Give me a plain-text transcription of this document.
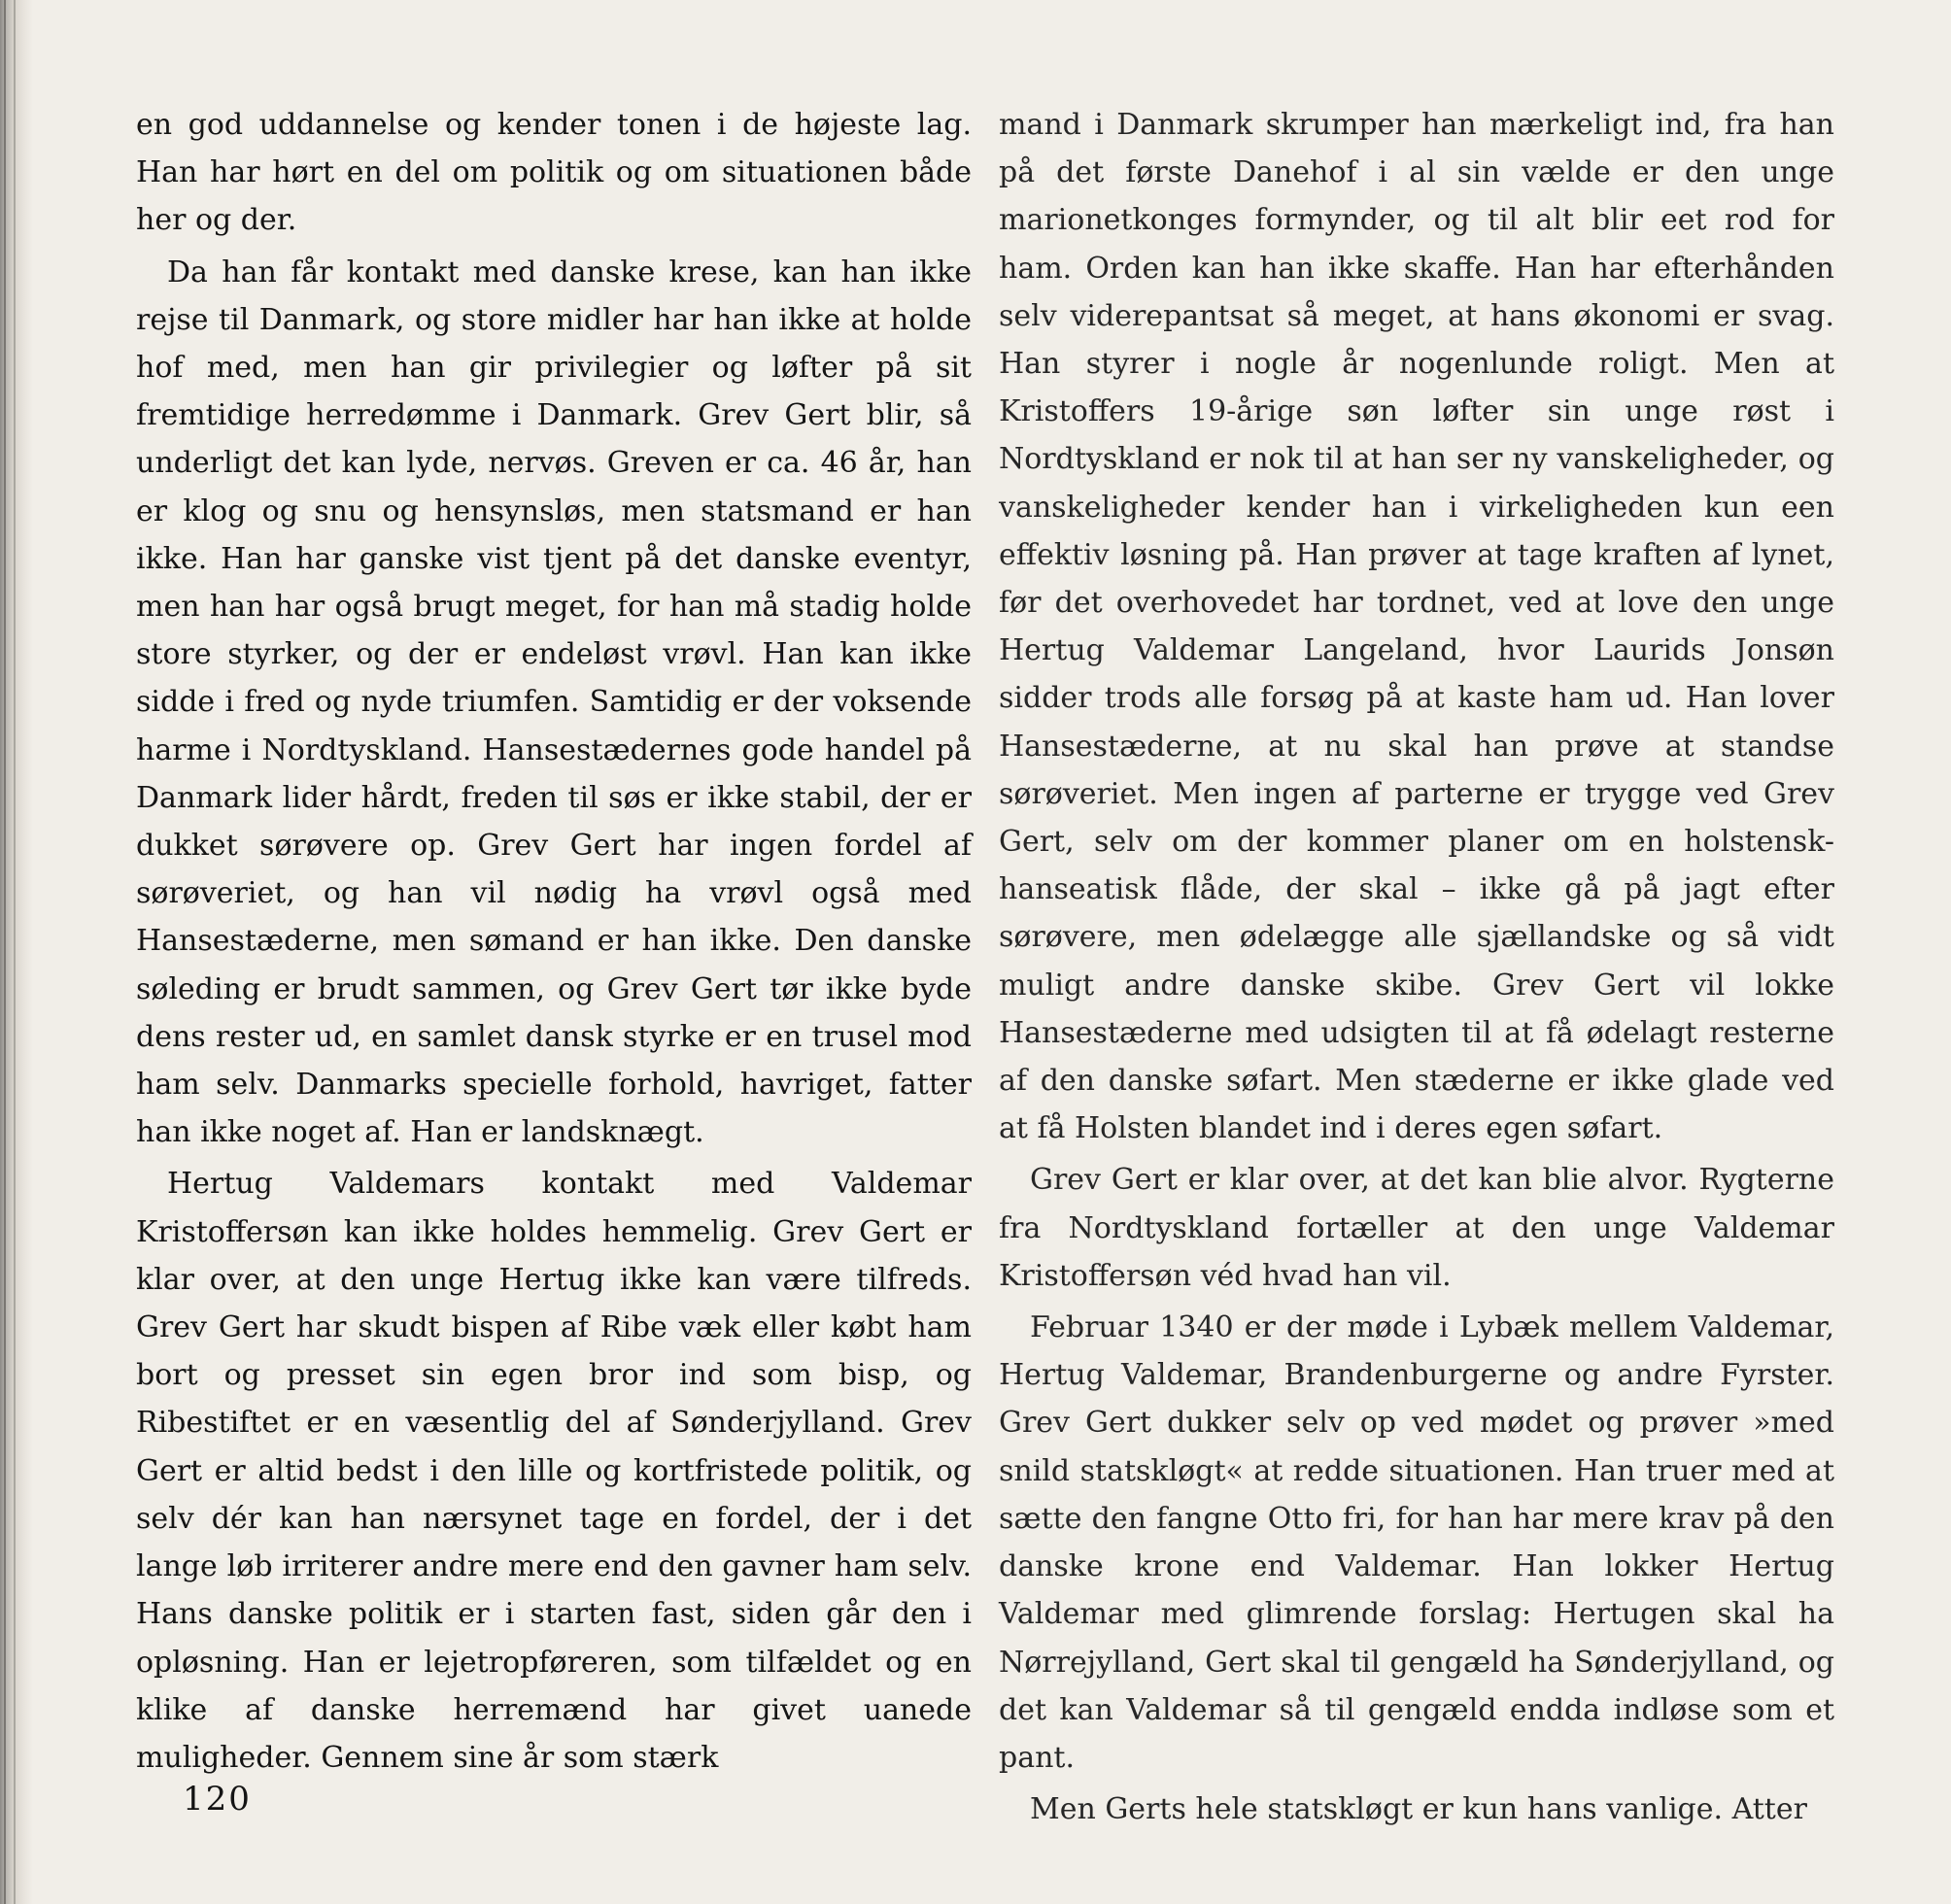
en god uddannelse og kender tonen i de højeste lag. Han har hørt en del om politik og om situationen både her og der.

Da han får kontakt med danske krese, kan han ikke rejse til Danmark, og store midler har han ikke at holde hof med, men han gir privilegier og løfter på sit fremtidige herredømme i Danmark. Grev Gert blir, så underligt det kan lyde, nervøs. Greven er ca. 46 år, han er klog og snu og hensynsløs, men statsmand er han ikke. Han har ganske vist tjent på det danske eventyr, men han har også brugt meget, for han må stadig holde store styrker, og der er endeløst vrøvl. Han kan ikke sidde i fred og nyde triumfen. Samtidig er der voksende harme i Nordtyskland. Hansestædernes gode handel på Danmark lider hårdt, freden til søs er ikke stabil, der er dukket sørøvere op. Grev Gert har ingen fordel af sørøveriet, og han vil nødig ha vrøvl også med Hansestæderne, men sømand er han ikke. Den danske søleding er brudt sammen, og Grev Gert tør ikke byde dens rester ud, en samlet dansk styrke er en trusel mod ham selv. Danmarks specielle forhold, havriget, fatter han ikke noget af. Han er landsknægt.

Hertug Valdemars kontakt med Valdemar Kristoffersøn kan ikke holdes hemmelig. Grev Gert er klar over, at den unge Hertug ikke kan være tilfreds. Grev Gert har skudt bispen af Ribe væk eller købt ham bort og presset sin egen bror ind som bisp, og Ribestiftet er en væsentlig del af Sønderjylland. Grev Gert er altid bedst i den lille og kortfristede politik, og selv dér kan han nærsynet tage en fordel, der i det lange løb irriterer andre mere end den gavner ham selv. Hans danske politik er i starten fast, siden går den i opløsning. Han er lejetropføreren, som tilfældet og en klike af danske herremænd har givet uanede muligheder. Gennem sine år som stærk

mand i Danmark skrumper han mærkeligt ind, fra han på det første Danehof i al sin vælde er den unge marionetkonges formynder, og til alt blir eet rod for ham. Orden kan han ikke skaffe. Han har efterhånden selv viderepantsat så meget, at hans økonomi er svag. Han styrer i nogle år nogenlunde roligt. Men at Kristoffers 19-årige søn løfter sin unge røst i Nordtyskland er nok til at han ser ny vanskeligheder, og vanskeligheder kender han i virkeligheden kun een effektiv løsning på. Han prøver at tage kraften af lynet, før det overhovedet har tordnet, ved at love den unge Hertug Valdemar Langeland, hvor Laurids Jonsøn sidder trods alle forsøg på at kaste ham ud. Han lover Hansestæderne, at nu skal han prøve at standse sørøveriet. Men ingen af parterne er trygge ved Grev Gert, selv om der kommer planer om en holstensk-hanseatisk flåde, der skal – ikke gå på jagt efter sørøvere, men ødelægge alle sjællandske og så vidt muligt andre danske skibe. Grev Gert vil lokke Hansestæderne med udsigten til at få ødelagt resterne af den danske søfart. Men stæderne er ikke glade ved at få Holsten blandet ind i deres egen søfart.

Grev Gert er klar over, at det kan blie alvor. Rygterne fra Nordtyskland fortæller at den unge Valdemar Kristoffersøn véd hvad han vil.

Februar 1340 er der møde i Lybæk mellem Valdemar, Hertug Valdemar, Brandenburgerne og andre Fyrster. Grev Gert dukker selv op ved mødet og prøver »med snild statskløgt« at redde situationen. Han truer med at sætte den fangne Otto fri, for han har mere krav på den danske krone end Valdemar. Han lokker Hertug Valdemar med glimrende forslag: Hertugen skal ha Nørrejylland, Gert skal til gengæld ha Sønderjylland, og det kan Valdemar så til gengæld endda indløse som et pant.

Men Gerts hele statskløgt er kun hans vanlige. Atter

120
